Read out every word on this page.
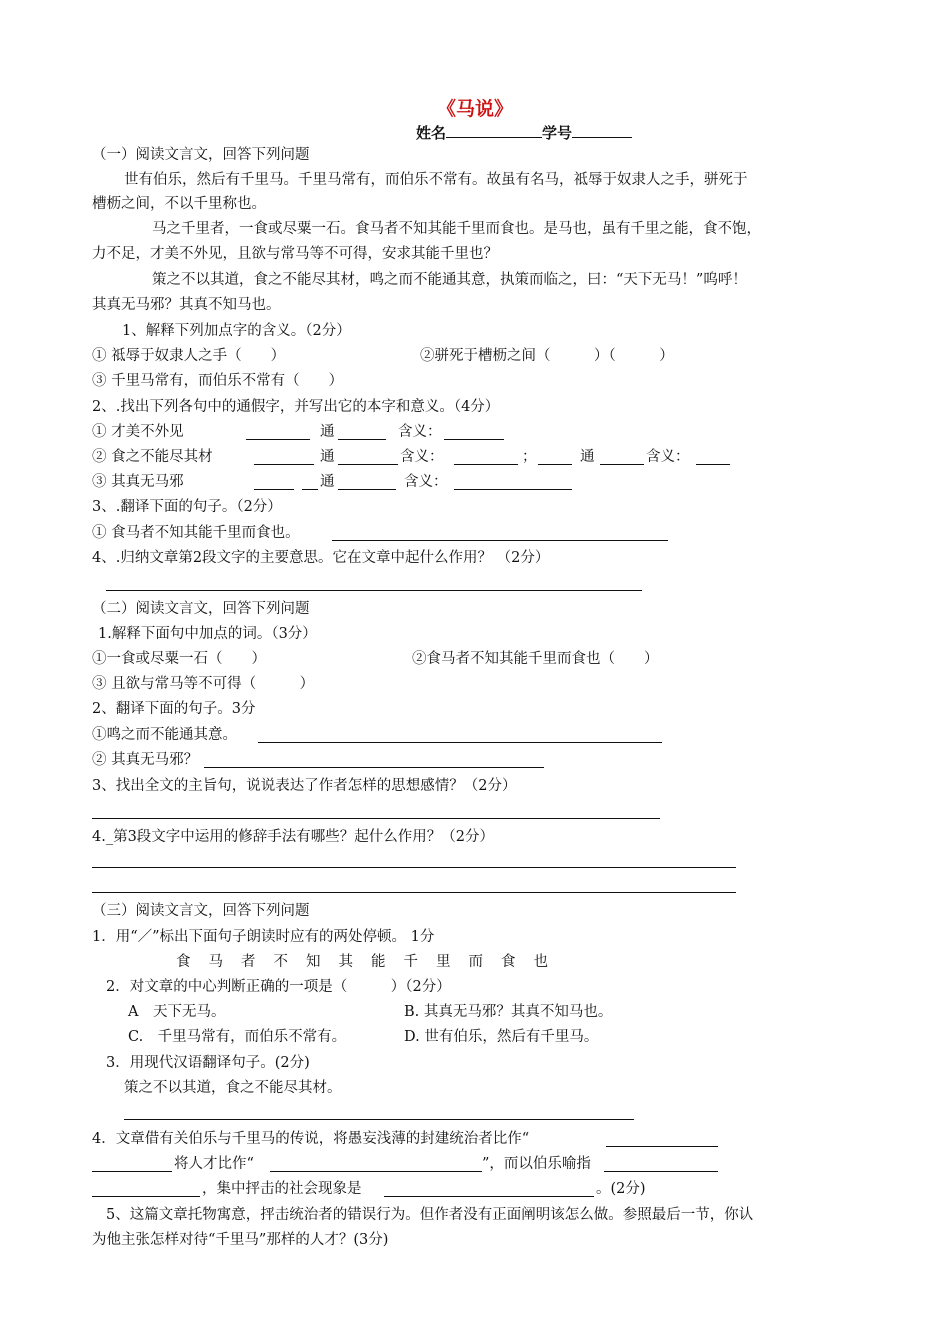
《马说》
姓名	学号
（一）阅读文言文，回答下列问题
世有伯乐，然后有千里马。千里马常有，而伯乐不常有。故虽有名马，祗辱于奴隶人之手，骈死于
槽枥之间，不以千里称也。
马之千里者，一食或尽粟一石。食马者不知其能千里而食也。是马也，虽有千里之能，食不饱，
力不足，才美不外见，且欲与常马等不可得，安求其能千里也？
策之不以其道，食之不能尽其材，鸣之而不能通其意，执策而临之，曰：“天下无马！”呜呼！
其真无马邪？其真不知马也。
1、解释下列加点字的含义。（2分）
① 祗辱于奴隶人之手（　　）	②骈死于槽枥之间（　　　）（　　　）
③ 千里马常有，而伯乐不常有（　　）
2、.找出下列各句中的通假字，并写出它的本字和意义。（4分）
① 才美不外见	通	含义：
② 食之不能尽其材	通	含义：	；	通	含义：
③ 其真无马邪	通	含义：
3、.翻译下面的句子。（2分）
① 食马者不知其能千里而食也。
4、.归纳文章第2段文字的主要意思。它在文章中起什么作用？ （2分）
（二）阅读文言文，回答下列问题
1.解释下面句中加点的词。（3分）
①一食或尽粟一石（　　）	②食马者不知其能千里而食也（　　）
③ 且欲与常马等不可得（　　　）
2、翻译下面的句子。3分
①鸣之而不能通其意。
② 其真无马邪？
3、找出全文的主旨句，说说表达了作者怎样的思想感情？（2分）
4._第3段文字中运用的修辞手法有哪些？起什么作用？（2分）
（三）阅读文言文，回答下列问题
1．用“／”标出下面句子朗读时应有的两处停顿。 1分
食马者不知其能千里而食也
2．对文章的中心判断正确的一项是（　　　）（2分）
A　天下无马。	B. 其真无马邪？其真不知马也。
C.　千里马常有，而伯乐不常有。	D. 世有伯乐，然后有千里马。
3．用现代汉语翻译句子。(2分)
策之不以其道，食之不能尽其材。
4．文章借有关伯乐与千里马的传说，将愚妄浅薄的封建统治者比作“
将人才比作“	”，而以伯乐喻指
，集中抨击的社会现象是	。(2分)
5、这篇文章托物寓意，抨击统治者的错误行为。但作者没有正面阐明该怎么做。参照最后一节，你认
为他主张怎样对待“千里马”那样的人才？(3分)
